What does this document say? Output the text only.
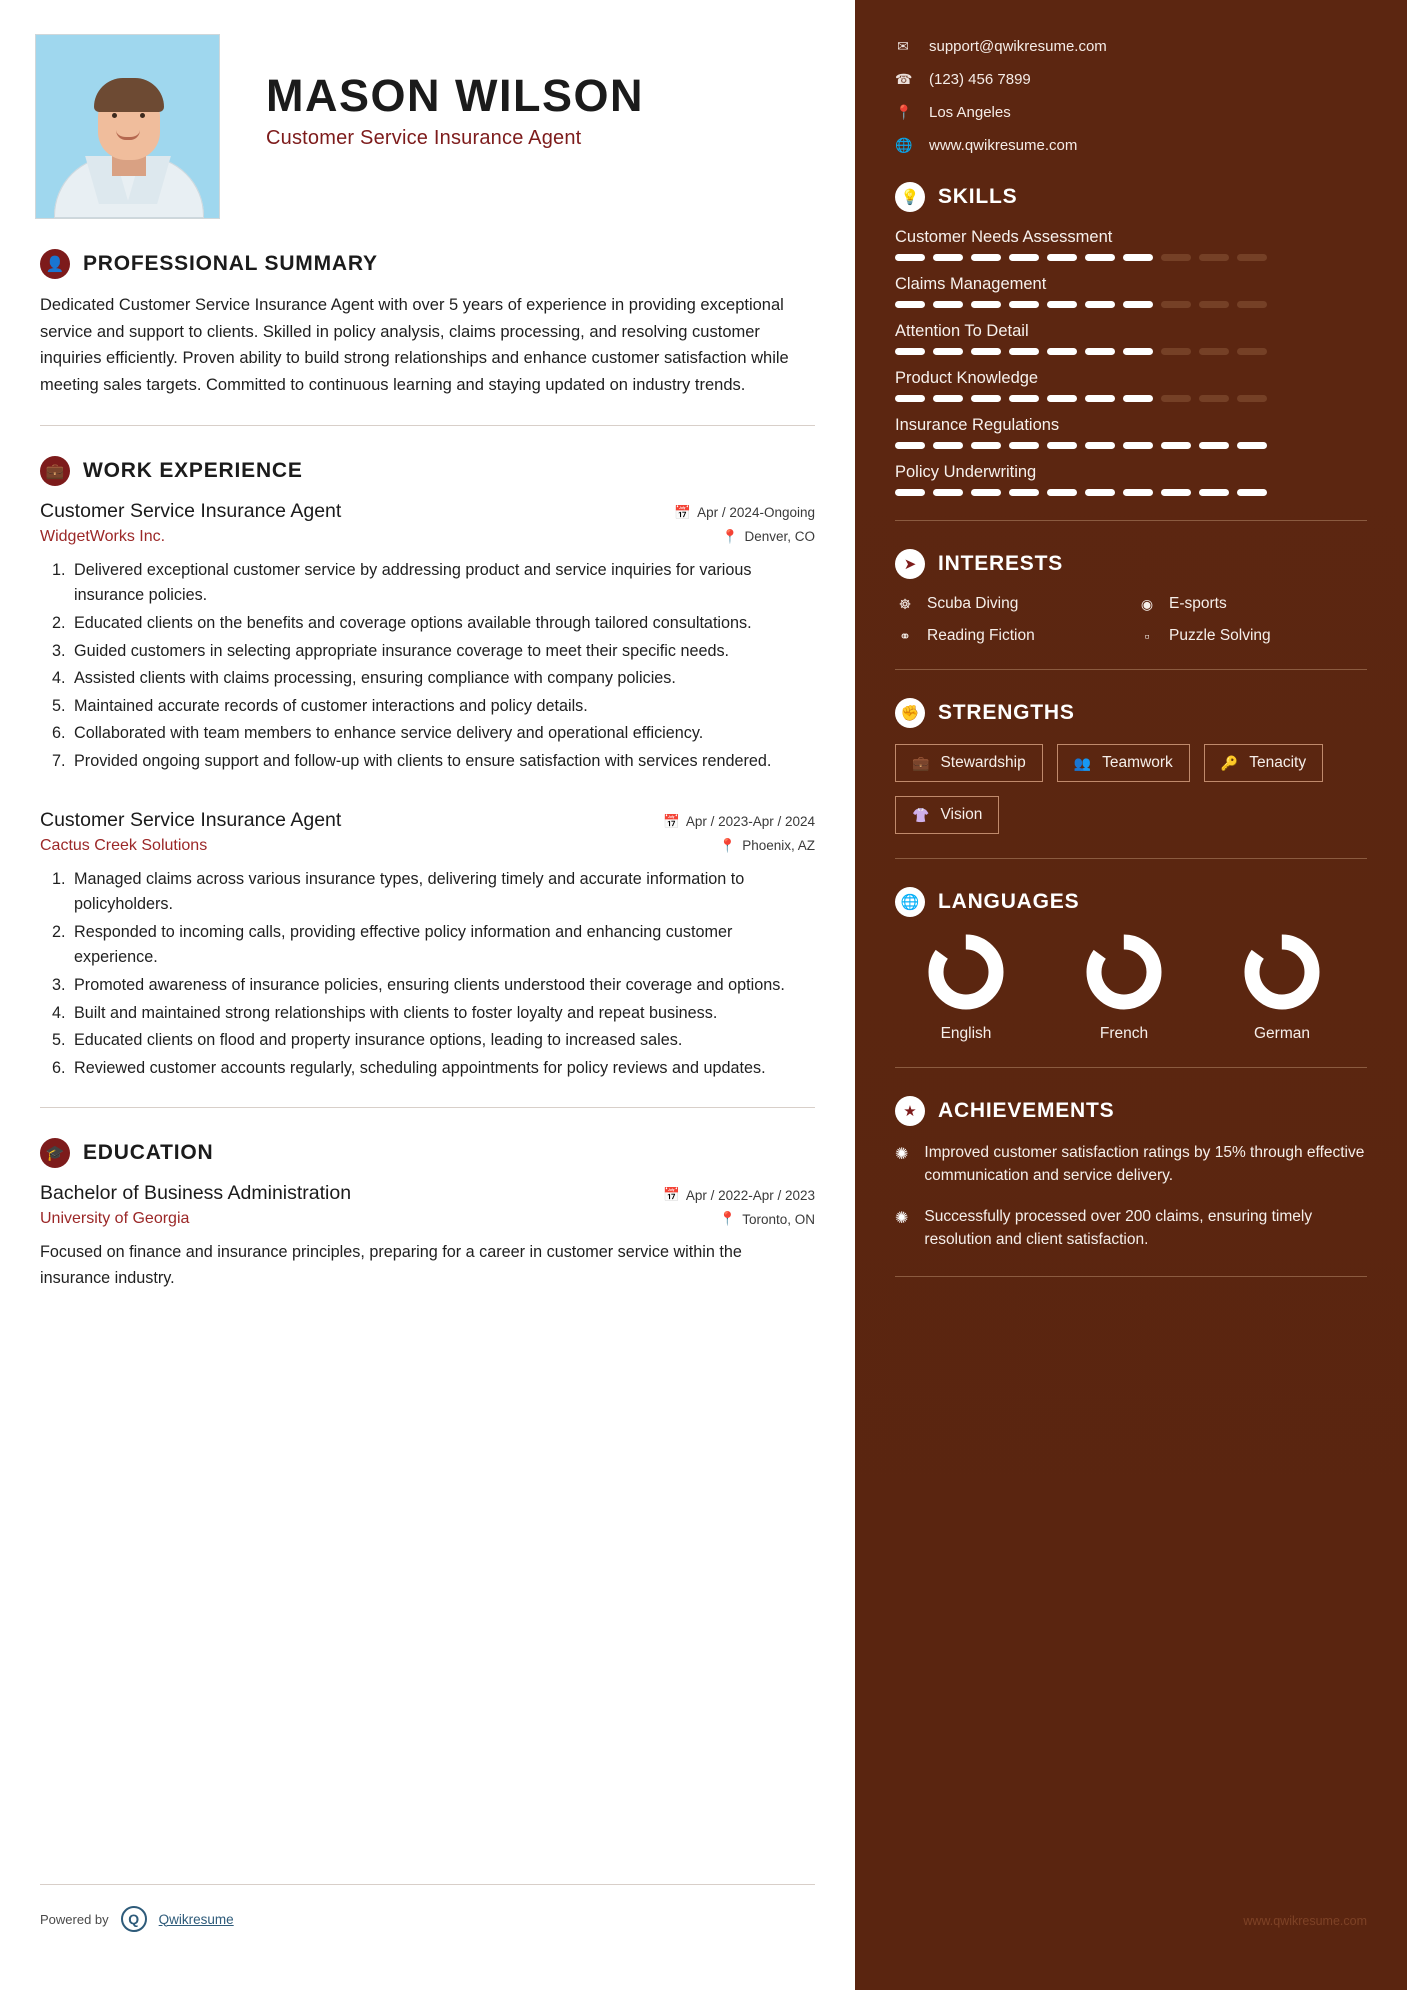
MASON WILSON
Customer Service Insurance Agent
👤 PROFESSIONAL SUMMARY
Dedicated Customer Service Insurance Agent with over 5 years of experience in providing exceptional service and support to clients. Skilled in policy analysis, claims processing, and resolving customer inquiries efficiently. Proven ability to build strong relationships and enhance customer satisfaction while meeting sales targets. Committed to continuous learning and staying updated on industry trends.
💼 WORK EXPERIENCE
Customer Service Insurance Agent	📅 Apr / 2024-Ongoing
WidgetWorks Inc.	📍 Denver, CO
1. Delivered exceptional customer service by addressing product and service inquiries for various insurance policies.
2. Educated clients on the benefits and coverage options available through tailored consultations.
3. Guided customers in selecting appropriate insurance coverage to meet their specific needs.
4. Assisted clients with claims processing, ensuring compliance with company policies.
5. Maintained accurate records of customer interactions and policy details.
6. Collaborated with team members to enhance service delivery and operational efficiency.
7. Provided ongoing support and follow-up with clients to ensure satisfaction with services rendered.
Customer Service Insurance Agent	📅 Apr / 2023-Apr / 2024
Cactus Creek Solutions	📍 Phoenix, AZ
1. Managed claims across various insurance types, delivering timely and accurate information to policyholders.
2. Responded to incoming calls, providing effective policy information and enhancing customer experience.
3. Promoted awareness of insurance policies, ensuring clients understood their coverage and options.
4. Built and maintained strong relationships with clients to foster loyalty and repeat business.
5. Educated clients on flood and property insurance options, leading to increased sales.
6. Reviewed customer accounts regularly, scheduling appointments for policy reviews and updates.
🎓 EDUCATION
Bachelor of Business Administration	📅 Apr / 2022-Apr / 2023
University of Georgia	📍 Toronto, ON
Focused on finance and insurance principles, preparing for a career in customer service within the insurance industry.
Powered by	Q	Qwikresume
✉ support@qwikresume.com
☎ (123) 456 7899
📍 Los Angeles
🌐 www.qwikresume.com
💡 SKILLS
Customer Needs Assessment
Claims Management
Attention To Detail
Product Knowledge
Insurance Regulations
Policy Underwriting
➤	INTERESTS
☸ Scuba Diving	◉ E-sports
⚭ Reading Fiction	▫	Puzzle Solving
✊ STRENGTHS
💼 Stewardship	👥 Teamwork	🔑 Tenacity
👚 Vision
🌐 LANGUAGES
English	French	German
★	ACHIEVEMENTS
✺ Improved customer satisfaction ratings by 15% through effective communication and service delivery.
✺ Successfully processed over 200 claims, ensuring timely resolution and client satisfaction.
www.qwikresume.com
